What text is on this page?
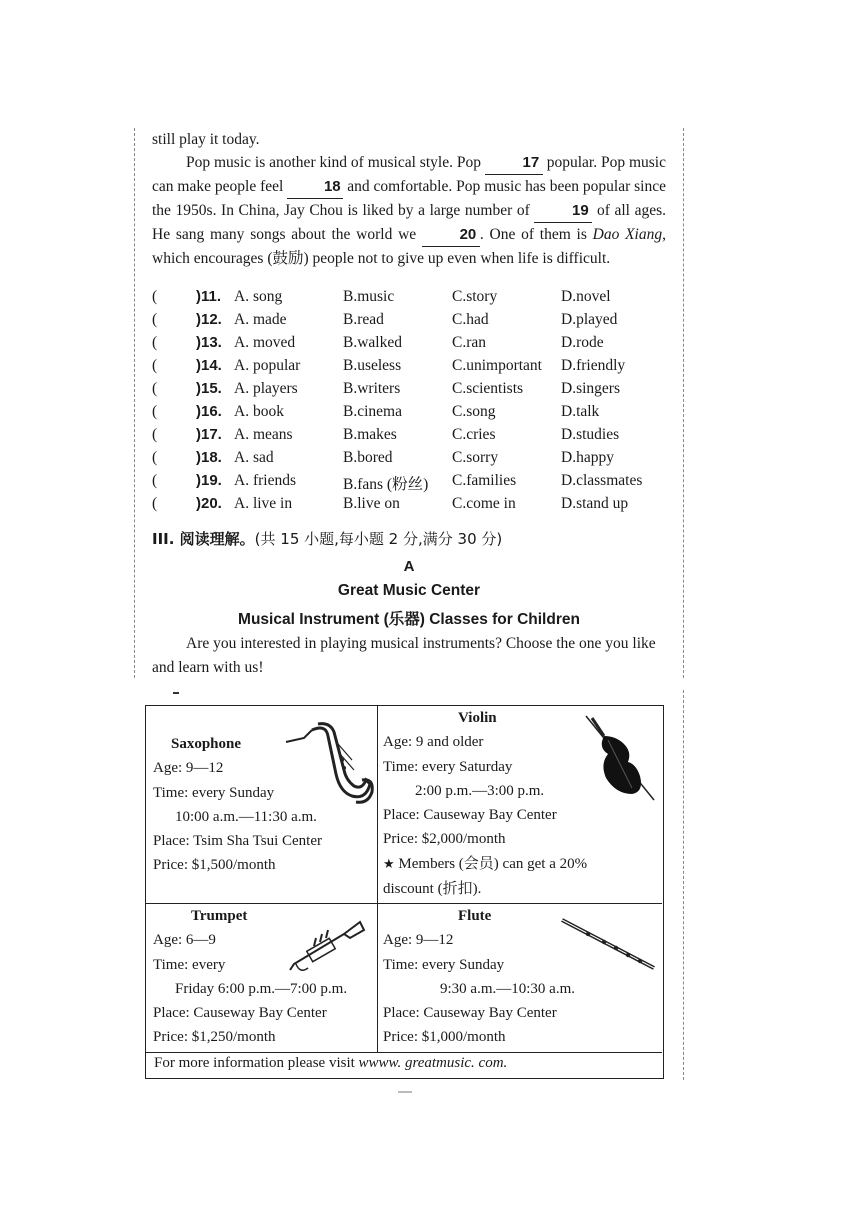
still play it today.

Pop music is another kind of musical style. Pop	17 popular. Pop music can make people feel 18 and comfortable. Pop music has been popular since the 1950s. In China, Jay Chou is liked by a large number of	19 of all ages. He sang many songs about the world we	20 . One of them is Dao Xiang, which encourages (鼓励) people not to give up even when life is difficult.

(	)11. A. song	B.music	C.story	D.novel
(	)12. A. made	B.read	C.had	D.played
(	)13. A. moved	B.walked	C.ran	D.rode
(	)14. A. popular	B.useless	C.unimportant D.friendly
(	)15. A. players	B.writers	C.scientists D.singers
(	)16. A. book	B.cinema	C.song	D.talk
(	)17. A. means	B.makes	C.cries	D.studies
(	)18. A. sad	B.bored	C.sorry	D.happy
(	)19. A. friends	B.fans (粉丝) C.families	D.classmates
(	)20. A. live in	B.live on	C.come in	D.stand up
III. 阅读理解。(共 15 小题,每小题 2 分,满分 30 分)
A
Great Music Center
Musical Instrument (乐器) Classes for Children
Are you interested in playing musical instruments? Choose the one you like and learn with us!
Saxophone
Age: 9—12
Time: every Sunday
10:00 a.m.—11:30 a.m.
Place: Tsim Sha Tsui Center
Price: $1,500/month
Violin
Age: 9 and older
Time: every Saturday
2:00 p.m.—3:00 p.m.
Place: Causeway Bay Center
Price: $2,000/month
★ Members (会员) can get a 20%
discount (折扣).
Trumpet
Age: 6—9
Time: every
Friday 6:00 p.m.—7:00 p.m.
Place: Causeway Bay Center
Price: $1,250/month
Flute
Age: 9—12
Time: every Sunday
9:30 a.m.—10:30 a.m.
Place: Causeway Bay Center
Price: $1,000/month
For more information please visit wwww. greatmusic. com.
